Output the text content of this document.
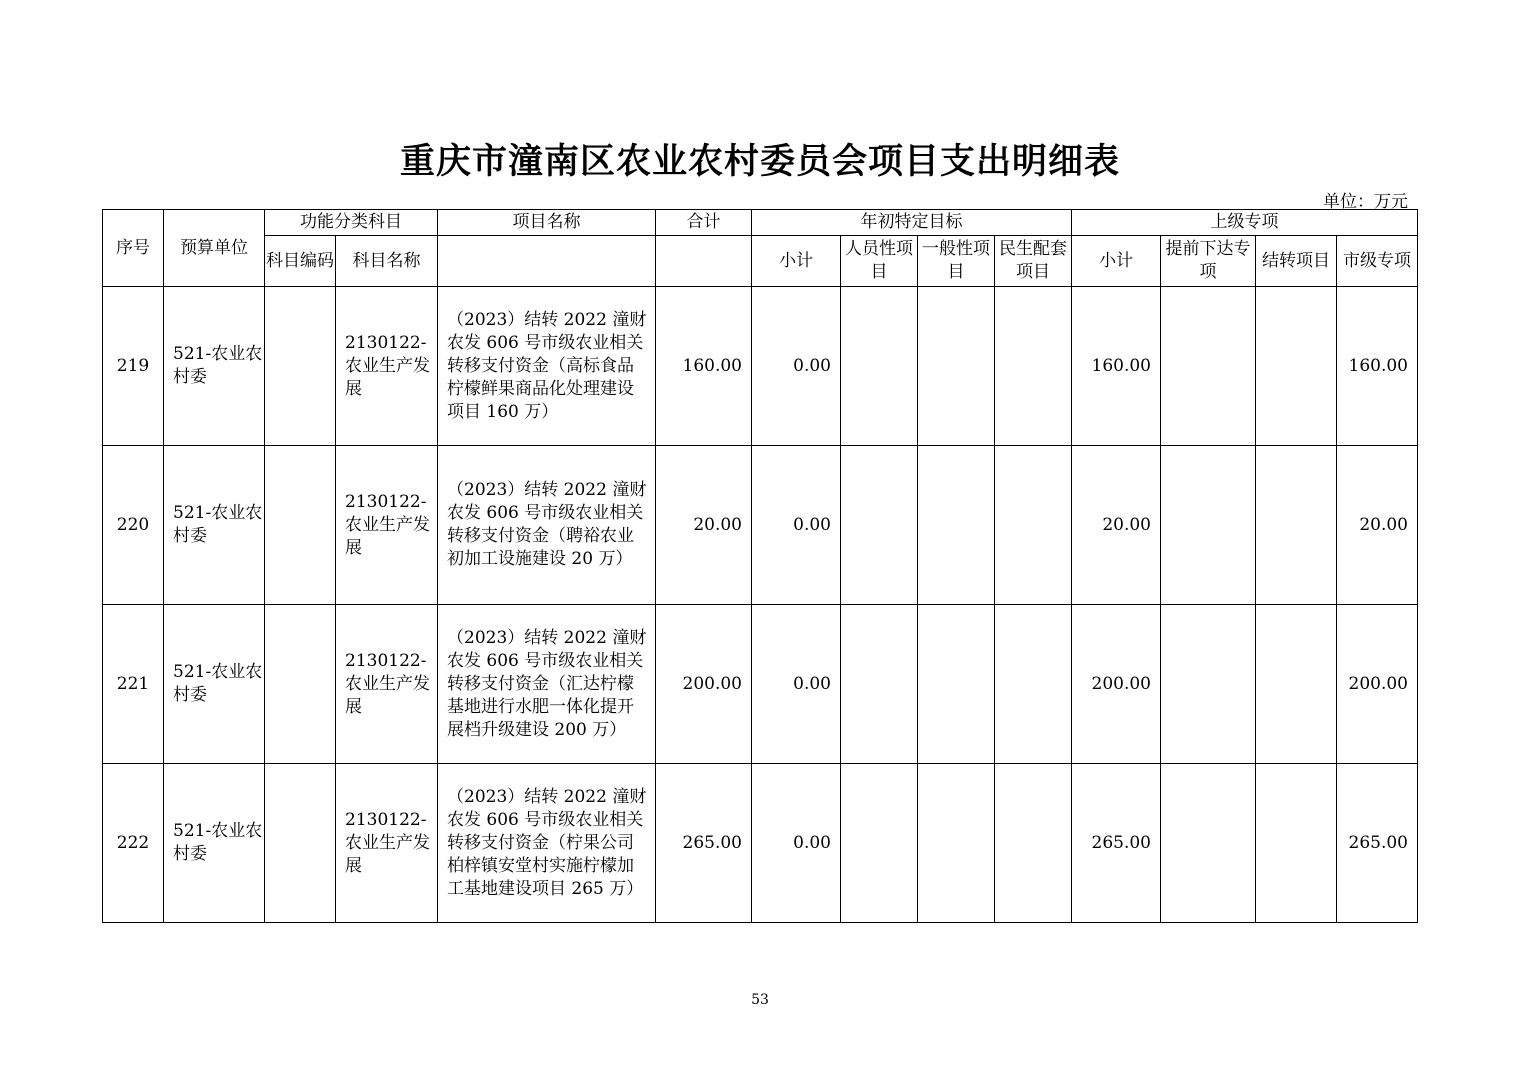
重庆市潼南区农业农村委员会项目支出明细表
单位：万元
序号	预算单位	功能分类科目		项目名称	合计	年初特定目标				上级专项			
		科目编码	科目名称			小计	人员性项目	一般性项目	民生配套项目	小计	提前下达专项	结转项目	市级专项
219	521-农业农村委		2130122-农业生产发展	（2023）结转 2022 潼财农发 606 号市级农业相关转移支付资金（高标食品柠檬鲜果商品化处理建设项目 160 万）	160.00	0.00				160.00			160.00
220	521-农业农村委		2130122-农业生产发展	（2023）结转 2022 潼财农发 606 号市级农业相关转移支付资金（聘裕农业初加工设施建设 20 万）	20.00	0.00				20.00			20.00
221	521-农业农村委		2130122-农业生产发展	（2023）结转 2022 潼财农发 606 号市级农业相关转移支付资金（汇达柠檬基地进行水肥一体化提开展档升级建设 200 万）	200.00	0.00				200.00			200.00
222	521-农业农村委		2130122-农业生产发展	（2023）结转 2022 潼财农发 606 号市级农业相关转移支付资金（柠果公司柏梓镇安堂村实施柠檬加工基地建设项目 265 万）	265.00	0.00				265.00			265.00
53
